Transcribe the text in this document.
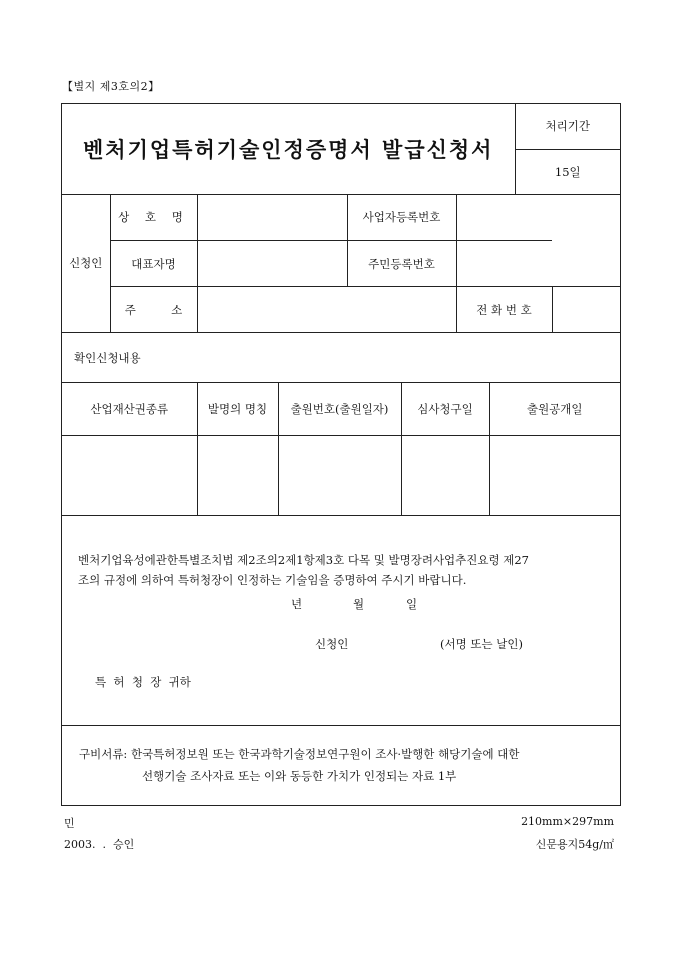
【별지 제3호의2】
벤처기업특허기술인정증명서 발급신청서	처리기간
15일
신청인	상 호 명		사업자등록번호		
	대표자명		주민등록번호		
	주 소			전 화 번 호	
확인신청내용
산업재산권종류	발명의 명칭	출원번호(출원일자)	심사청구일	출원공개일

벤처기업육성에관한특별조치법 제2조의2제1항제3호 다목 및 발명장려사업추진요령 제27
조의 규정에 의하여 특허청장이 인정하는 기술임을 증명하여 주시기 바랍니다.
년	월	일
신청인	(서명 또는 날인)
특  허  청  장  귀하
구비서류: 한국특허정보원 또는 한국과학기술정보연구원이 조사·발행한 해당기술에 대한
선행기술 조사자료 또는 이와 동등한 가치가 인정되는 자료 1부
민
2003.  .  승인
210mm×297mm
신문용지54g/㎡
